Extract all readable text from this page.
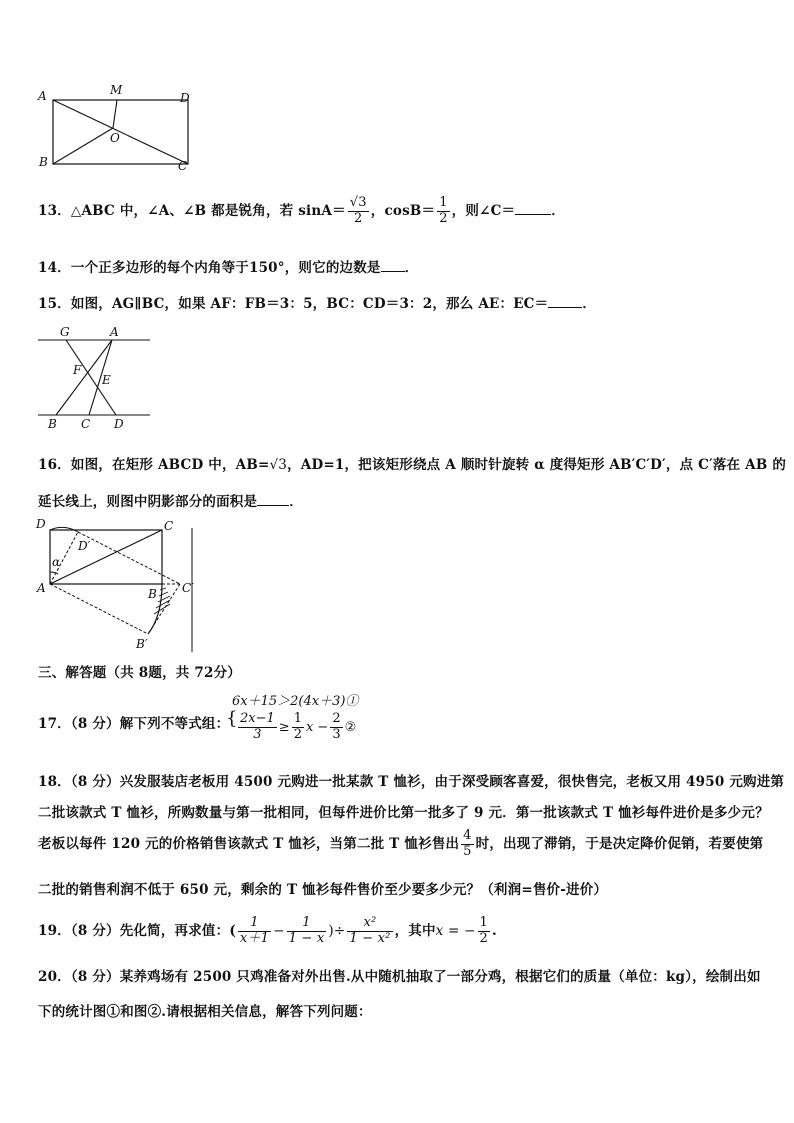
A	M
D
O
B	C
13．△ABC 中，∠A、∠B 都是锐角，若 $\sin A= \frac{√3}{2}$ ，$\cos B= \frac{1}{2}$ ，则∠C＝	．
14．一个正多边形的每个内角等于150°，则它的边数是 ．
15．如图，AG∥BC，如果 AF：FB＝3：5，BC：CD＝3：2，那么 AE：EC＝	．
G	A
F
E
B C D
16．如图，在矩形 ABCD 中，AB=√3，AD=1，把该矩形绕点 A 顺时针旋转 α 度得矩形 AB′C′D′，点 C′落在 AB 的
延长线上，则图中阴影部分的面积是 ．
D	C
D′
α
A	B C′
B′
三、解答题（共 8题，共 72分）
17．（8 分）解下列不等式组：
6x＋15＞2(4x＋3)①
{ $\frac{2x-1}{3} \ge \frac{1}{2}$ $x - \frac{2}{3}$ ②
18．（8 分）兴发服装店老板用 4500 元购进一批某款 T 恤衫，由于深受顾客喜爱，很快售完，老板又用 4950 元购进第
二批该款式 T 恤衫，所购数量与第一批相同，但每件进价比第一批多了 9 元．第一批该款式 T 恤衫每件进价是多少元？
老板以每件 120 元的价格销售该款式 T 恤衫，当第二批 T 恤衫售出 $\frac{4}{5}$ 时，出现了滞销，于是决定降价促销，若要使第
二批的销售利润不低于 650 元，剩余的 T 恤衫每件售价至少要多少元？（利润=售价-进价）
19．（8 分）先化简，再求值：( $\frac{1}{x+1} - \frac{1}{1 - x}$ )÷ $\frac{\text{x²}}{\text{1 − x²}}$ ，其中x = − $\frac{1}{2}$ .
20．（8 分）某养鸡场有 2500 只鸡准备对外出售.从中随机抽取了一部分鸡，根据它们的质量（单位：kg），绘制出如
下的统计图①和图②.请根据相关信息，解答下列问题：
